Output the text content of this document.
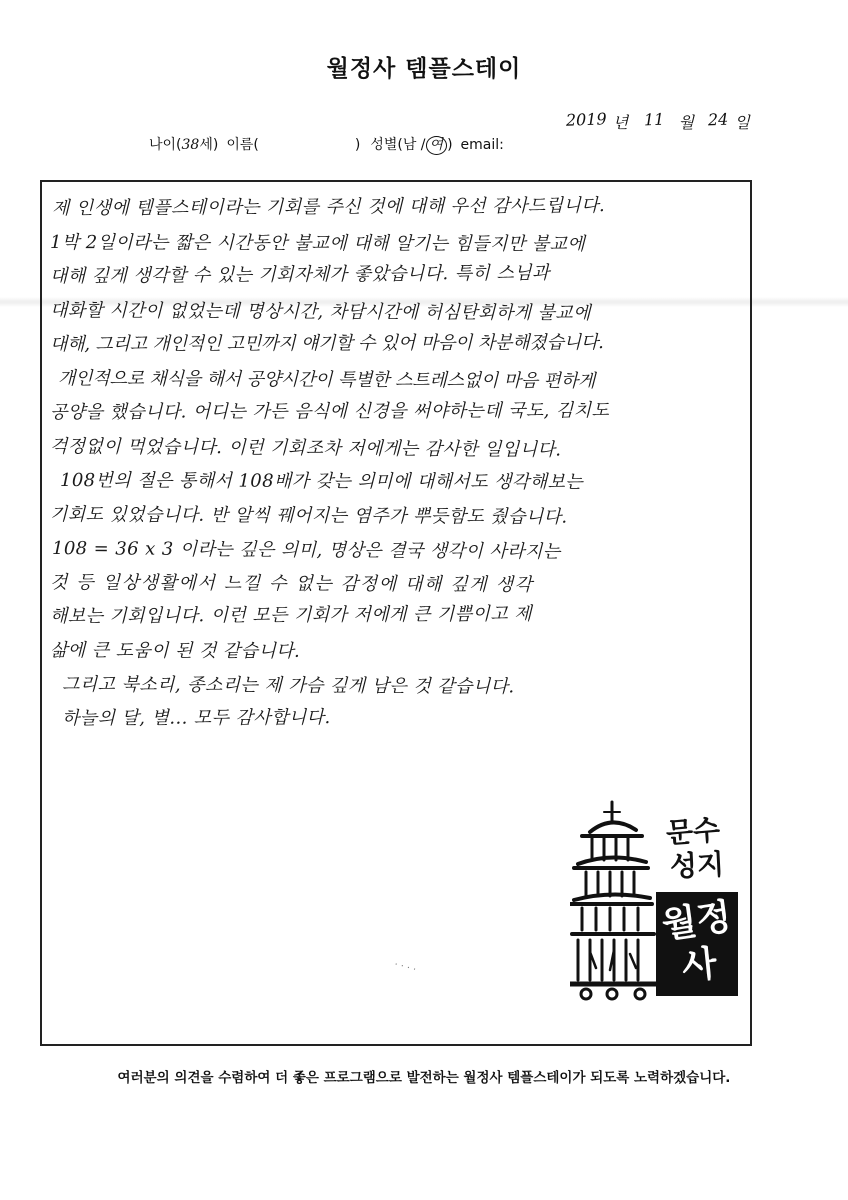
월정사 템플스테이
2019 년 11 월 24 일
나이( 38 세) 이름(	) 성별(남 / 여 ) email:
제 인생에 템플스테이라는 기회를 주신 것에 대해 우선 감사드립니다.
1박 2일이라는 짧은 시간동안 불교에 대해 알기는 힘들지만 불교에
대해 깊게 생각할 수 있는 기회자체가 좋았습니다. 특히 스님과
대화할 시간이 없었는데 명상시간, 차담시간에 허심탄회하게 불교에
대해, 그리고 개인적인 고민까지 얘기할 수 있어 마음이 차분해졌습니다.
개인적으로 채식을 해서 공양시간이 특별한 스트레스없이 마음 편하게
공양을 했습니다. 어디는 가든 음식에 신경을 써야하는데 국도, 김치도
걱정없이 먹었습니다. 이런 기회조차 저에게는 감사한 일입니다.
108번의 절은 통해서 108배가 갖는 의미에 대해서도 생각해보는
기회도 있었습니다. 반 알씩 꿰어지는 염주가 뿌듯함도 줬습니다.
108 = 36 x 3 이라는 깊은 의미, 명상은 결국 생각이 사라지는
것 등 일상생활에서 느낄 수 없는 감정에 대해 깊게 생각
해보는 기회입니다. 이런 모든 기회가 저에게 큰 기쁨이고 제
삶에 큰 도움이 된 것 같습니다.
그리고 북소리, 종소리는 제 가슴 깊게 남은 것 같습니다.
하늘의 달, 별... 모두 감사합니다.
· · · ·
문수
성지
월정
사
여러분의 의견을 수렴하여 더 좋은 프로그램으로 발전하는 월정사 템플스테이가 되도록 노력하겠습니다.
